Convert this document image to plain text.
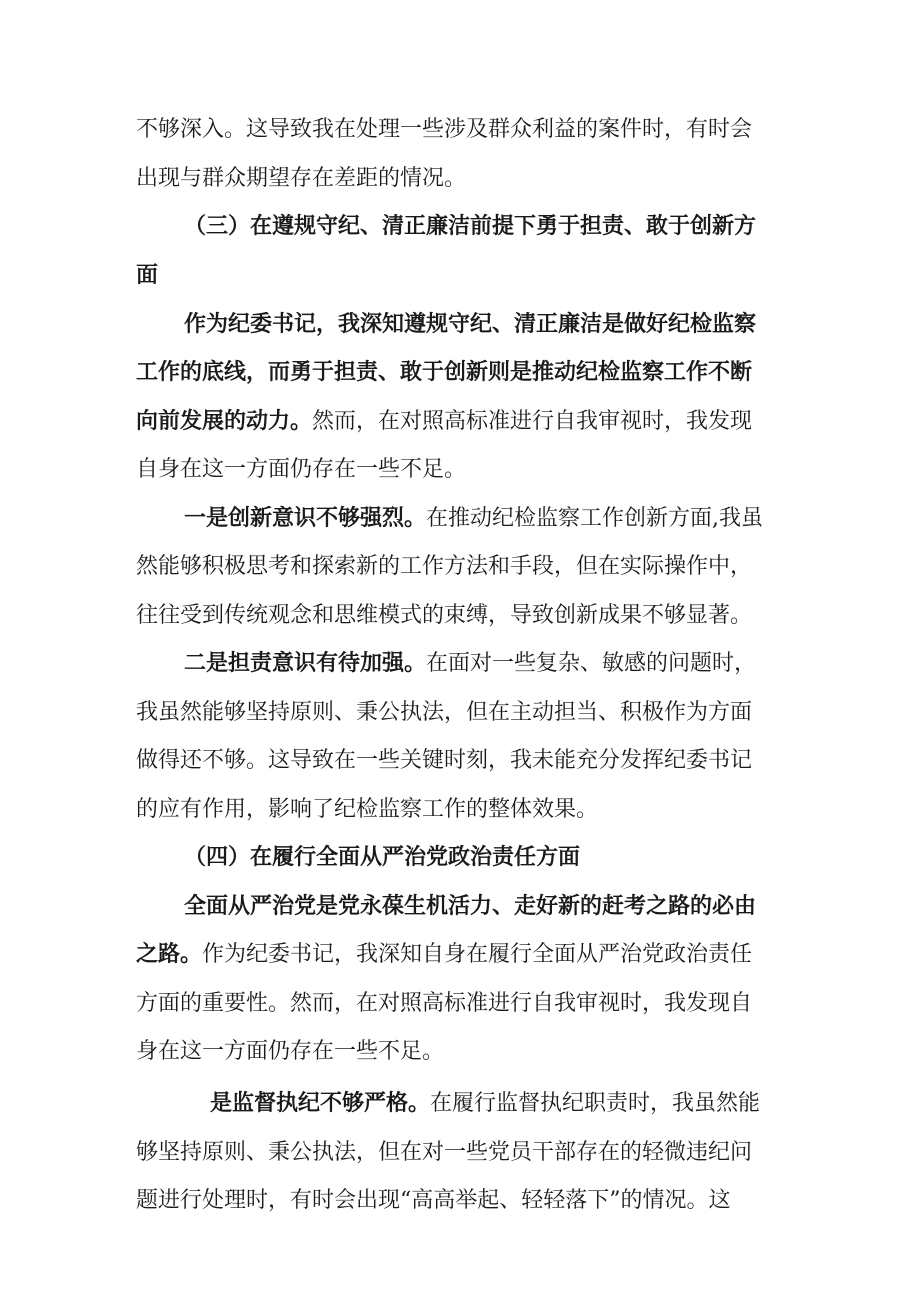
不够深入。这导致我在处理一些涉及群众利益的案件时，有时会
出现与群众期望存在差距的情况。
（三）在遵规守纪、清正廉洁前提下勇于担责、敢于创新方
面
作为纪委书记，我深知遵规守纪、清正廉洁是做好纪检监察
工作的底线，而勇于担责、敢于创新则是推动纪检监察工作不断
向前发展的动力。然而，在对照高标准进行自我审视时，我发现
自身在这一方面仍存在一些不足。
一是创新意识不够强烈。在推动纪检监察工作创新方面,我虽
然能够积极思考和探索新的工作方法和手段，但在实际操作中，
往往受到传统观念和思维模式的束缚，导致创新成果不够显著。
二是担责意识有待加强。在面对一些复杂、敏感的问题时，
我虽然能够坚持原则、秉公执法，但在主动担当、积极作为方面
做得还不够。这导致在一些关键时刻，我未能充分发挥纪委书记
的应有作用，影响了纪检监察工作的整体效果。
（四）在履行全面从严治党政治责任方面
全面从严治党是党永葆生机活力、走好新的赶考之路的必由
之路。作为纪委书记，我深知自身在履行全面从严治党政治责任
方面的重要性。然而，在对照高标准进行自我审视时，我发现自
身在这一方面仍存在一些不足。
是监督执纪不够严格。在履行监督执纪职责时，我虽然能
够坚持原则、秉公执法，但在对一些党员干部存在的轻微违纪问
题进行处理时，有时会出现“高高举起、轻轻落下”的情况。这
